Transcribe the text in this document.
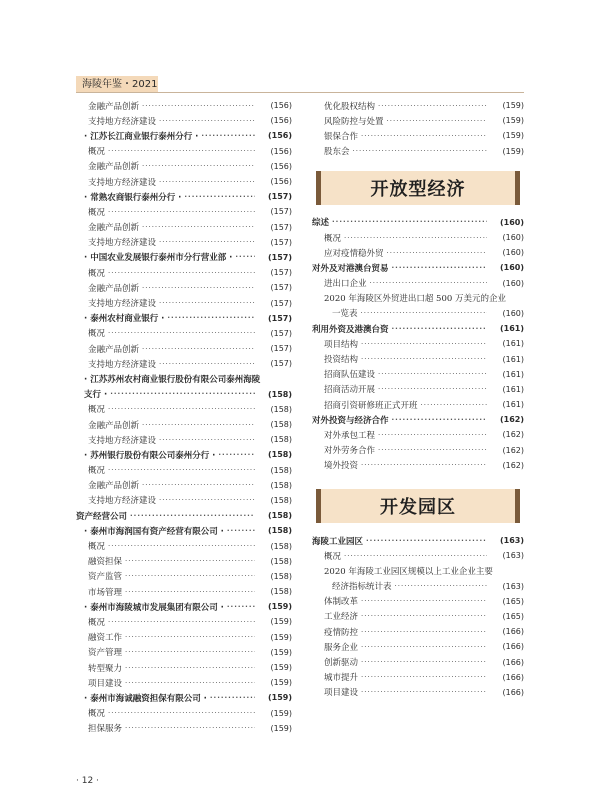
海陵年鉴・2021
金融产品创新 ·····	(156)
支持地方经济建设 ·····	(156)
· 江苏长江商业银行泰州分行 · ·····	(156)
概况 ·····	(156)
金融产品创新 ·····	(156)
支持地方经济建设 ·····	(156)
· 常熟农商银行泰州分行 · ·····	(157)
概况 ·····	(157)
金融产品创新 ·····	(157)
支持地方经济建设 ·····	(157)
· 中国农业发展银行泰州市分行营业部 · ·····	(157)
概况 ·····	(157)
金融产品创新 ·····	(157)
支持地方经济建设 ·····	(157)
· 泰州农村商业银行 · ·····	(157)
概况 ·····	(157)
金融产品创新 ·····	(157)
支持地方经济建设 ·····	(157)
· 江苏苏州农村商业银行股份有限公司泰州海陵
支行 · ·····	(158)
概况 ·····	(158)
金融产品创新 ·····	(158)
支持地方经济建设 ·····	(158)
· 苏州银行股份有限公司泰州分行 · ·····	(158)
概况 ·····	(158)
金融产品创新 ·····	(158)
支持地方经济建设 ·····	(158)
资产经营公司 ·····	(158)
· 泰州市海润国有资产经营有限公司 · ·····	(158)
概况 ·····	(158)
融资担保 ·····	(158)
资产监管 ·····	(158)
市场管理 ·····	(158)
· 泰州市海陵城市发展集团有限公司 · ·····	(159)
概况 ·····	(159)
融资工作 ·····	(159)
资产管理 ·····	(159)
转型聚力 ·····	(159)
项目建设 ·····	(159)
· 泰州市海诚融资担保有限公司 · ·····	(159)
概况 ·····	(159)
担保服务 ·····	(159)
优化股权结构 ·····	(159)
风险防控与处置 ·····	(159)
银保合作 ·····	(159)
股东会 ·····	(159)
开放型经济
综述 ·····	(160)
概况 ·····	(160)
应对疫情稳外贸 ·····	(160)
对外及对港澳台贸易 ·····	(160)
进出口企业 ·····	(160)
2020 年海陵区外贸进出口超 500 万美元的企业
一览表 ·····	(160)
利用外资及港澳台资 ·····	(161)
项目结构 ·····	(161)
投资结构 ·····	(161)
招商队伍建设 ·····	(161)
招商活动开展 ·····	(161)
招商引资研修班正式开班 ·····	(161)
对外投资与经济合作 ·····	(162)
对外承包工程 ·····	(162)
对外劳务合作 ·····	(162)
境外投资 ·····	(162)
开发园区
海陵工业园区 ·····	(163)
概况 ·····	(163)
2020 年海陵工业园区规模以上工业企业主要
经济指标统计表 ·····	(163)
体制改革 ·····	(165)
工业经济 ·····	(165)
疫情防控 ·····	(166)
服务企业 ·····	(166)
创新驱动 ·····	(166)
城市提升 ·····	(166)
项目建设 ·····	(166)
· 12 ·
